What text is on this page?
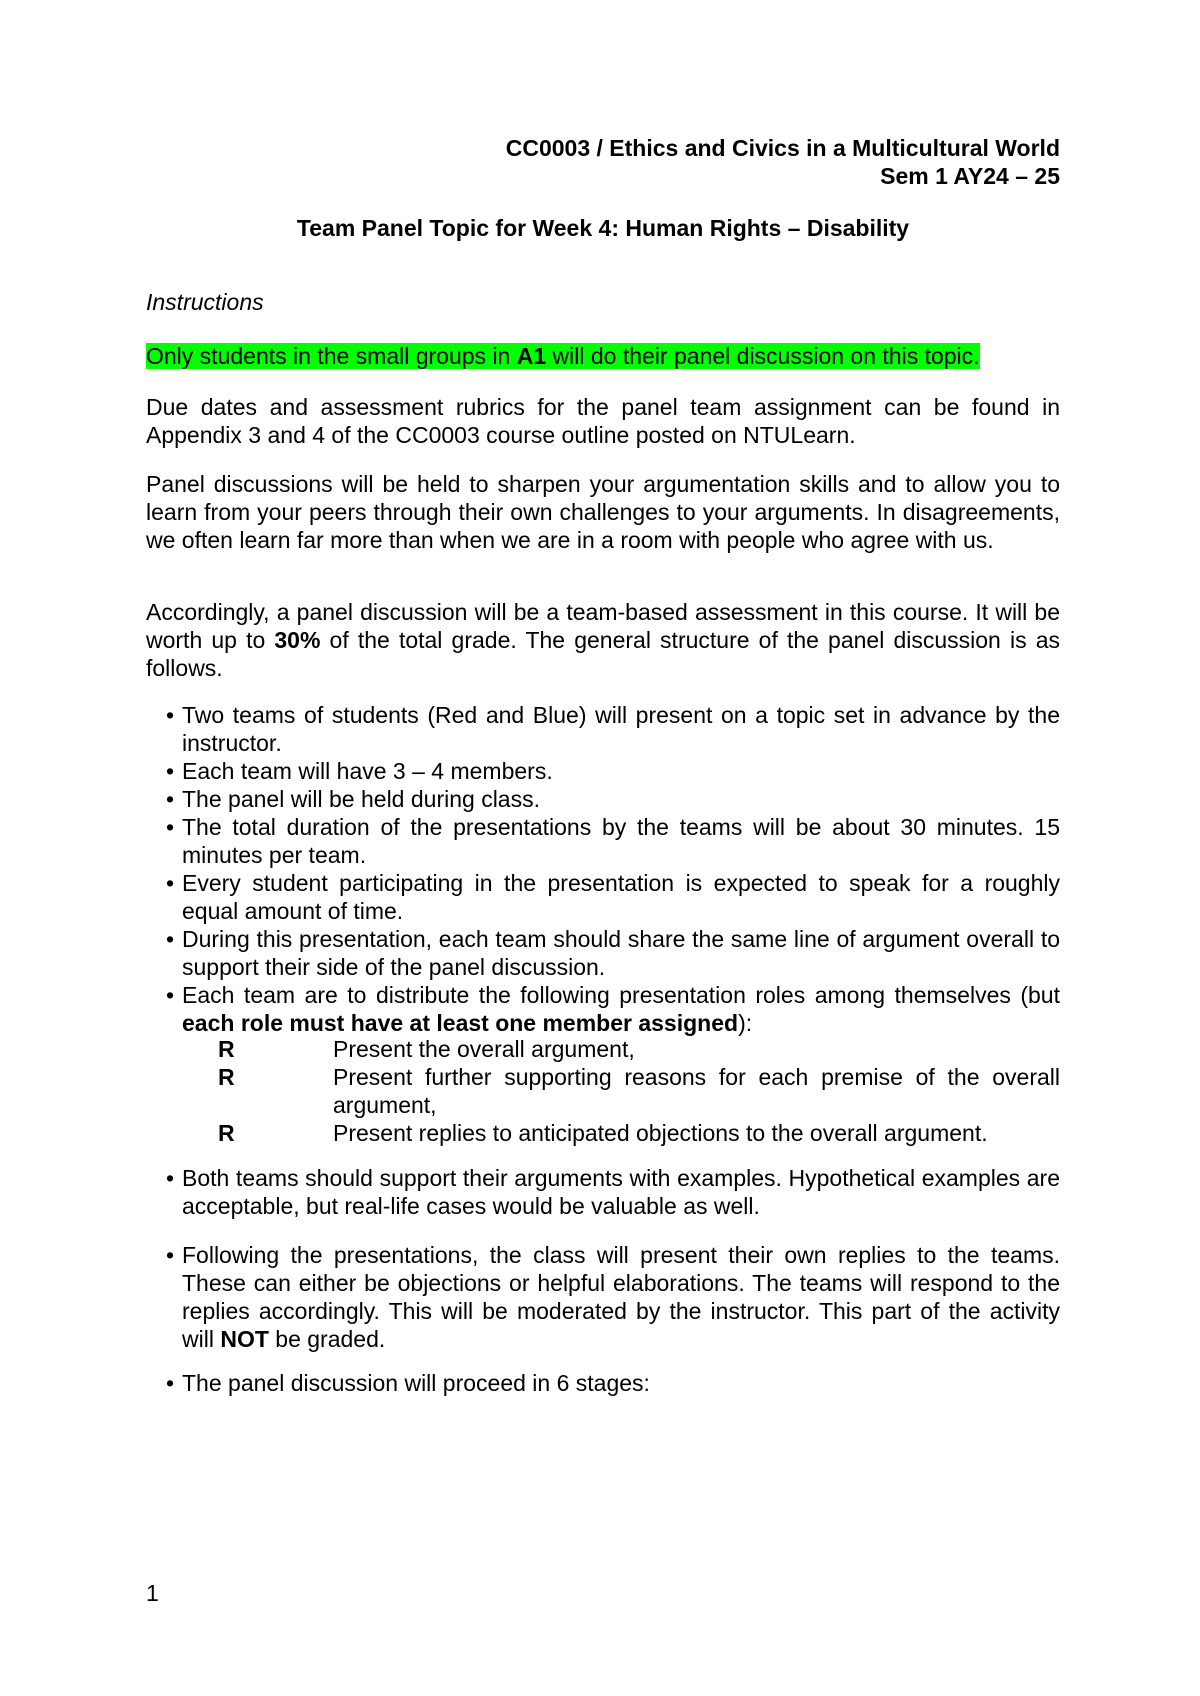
CC0003 / Ethics and Civics in a Multicultural World
Sem 1 AY24 – 25
Team Panel Topic for Week 4: Human Rights – Disability
Instructions
Only students in the small groups in A1 will do their panel discussion on this topic.
Due dates and assessment rubrics for the panel team assignment can be found in Appendix 3 and 4 of the CC0003 course outline posted on NTULearn.
Panel discussions will be held to sharpen your argumentation skills and to allow you to learn from your peers through their own challenges to your arguments. In disagreements, we often learn far more than when we are in a room with people who agree with us.
Accordingly, a panel discussion will be a team-based assessment in this course. It will be worth up to 30% of the total grade. The general structure of the panel discussion is as follows.
• Two teams of students (Red and Blue) will present on a topic set in advance by the instructor.
• Each team will have 3 – 4 members.
• The panel will be held during class.
• The total duration of the presentations by the teams will be about 30 minutes. 15 minutes per team.
• Every student participating in the presentation is expected to speak for a roughly equal amount of time.
• During this presentation, each team should share the same line of argument overall to support their side of the panel discussion.
• Each team are to distribute the following presentation roles among themselves (but each role must have at least one member assigned):
R	Present the overall argument,
R	Present further supporting reasons for each premise of the overall argument,
R	Present replies to anticipated objections to the overall argument.
• Both teams should support their arguments with examples. Hypothetical examples are acceptable, but real-life cases would be valuable as well.
• Following the presentations, the class will present their own replies to the teams. These can either be objections or helpful elaborations. The teams will respond to the replies accordingly. This will be moderated by the instructor. This part of the activity will NOT be graded.
• The panel discussion will proceed in 6 stages:
1
